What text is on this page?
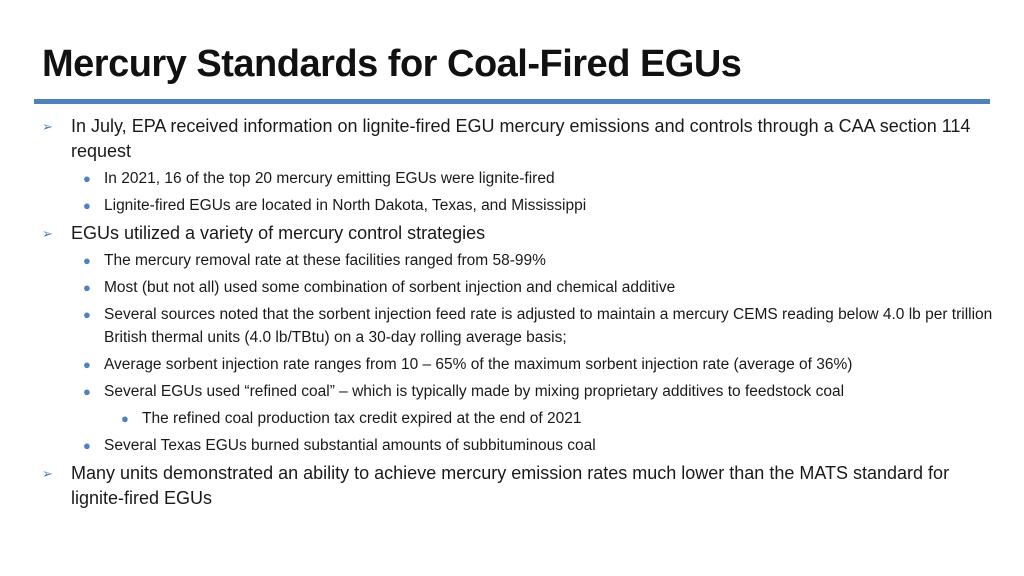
Mercury Standards for Coal-Fired EGUs

➢ In July, EPA received information on lignite-fired EGU mercury emissions and controls through a CAA section 114 request

● In 2021, 16 of the top 20 mercury emitting EGUs were lignite-fired

● Lignite-fired EGUs are located in North Dakota, Texas, and Mississippi

➢ EGUs utilized a variety of mercury control strategies

● The mercury removal rate at these facilities ranged from 58-99%

● Most (but not all) used some combination of sorbent injection and chemical additive

● Several sources noted that the sorbent injection feed rate is adjusted to maintain a mercury CEMS reading below 4.0 lb per trillion British thermal units (4.0 lb/TBtu) on a 30-day rolling average basis;

● Average sorbent injection rate ranges from 10 – 65% of the maximum sorbent injection rate (average of 36%)

● Several EGUs used “refined coal” – which is typically made by mixing proprietary additives to feedstock coal

● The refined coal production tax credit expired at the end of 2021

● Several Texas EGUs burned substantial amounts of subbituminous coal

➢ Many units demonstrated an ability to achieve mercury emission rates much lower than the MATS standard for lignite-fired EGUs
